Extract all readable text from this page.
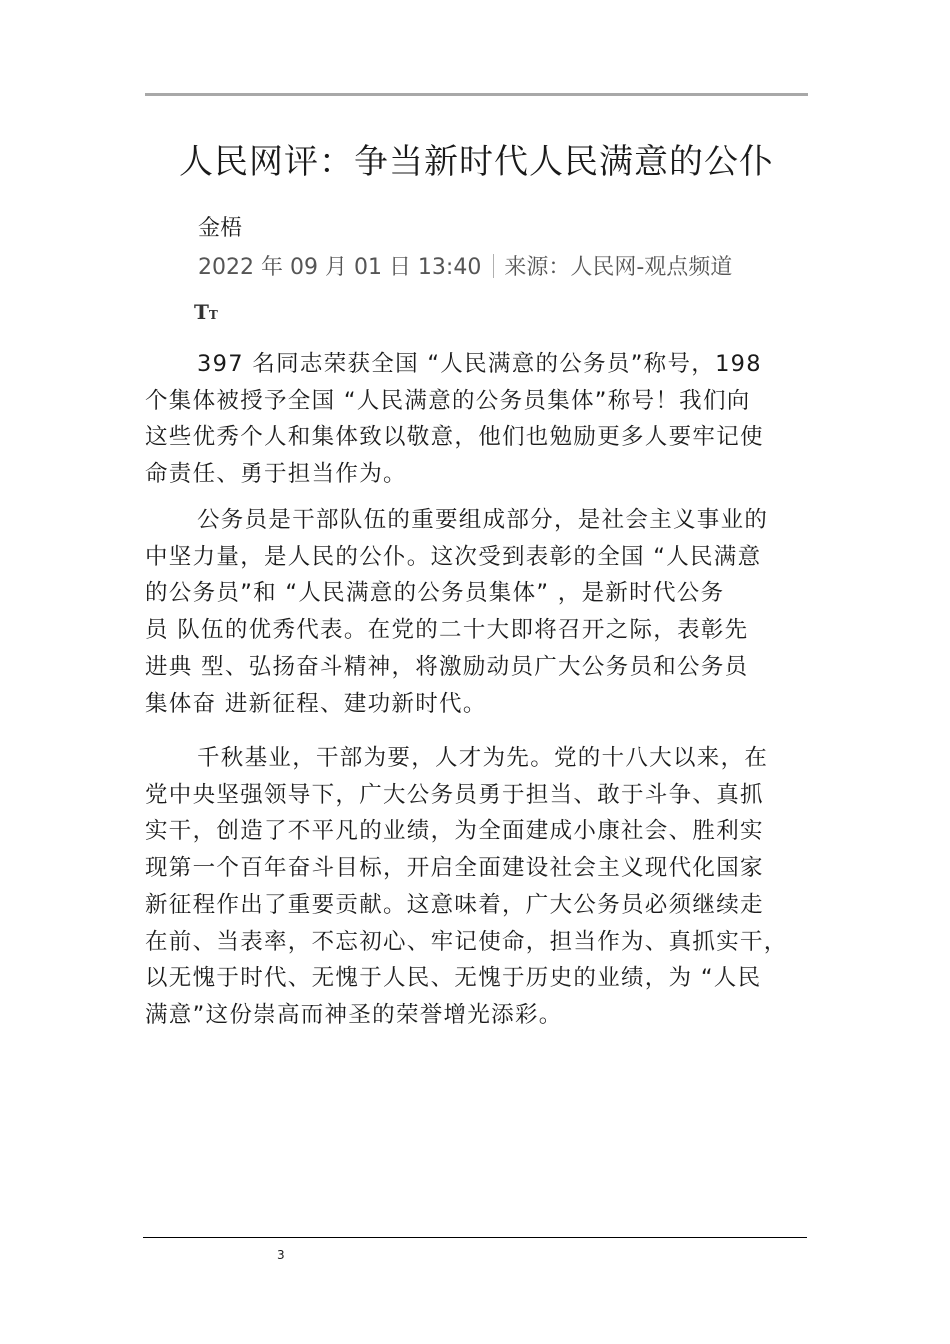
人民网评：争当新时代人民满意的公仆
金梧
2022 年 09 月 01 日 13:40 来源：人民网-观点频道
TT
397 名同志荣获全国 “人民满意的公务员”称号，198
个集体被授予全国 “人民满意的公务员集体”称号！我们向
这些优秀个人和集体致以敬意，他们也勉励更多人要牢记使
命责任、勇于担当作为。
公务员是干部队伍的重要组成部分，是社会主义事业的
中坚力量，是人民的公仆。这次受到表彰的全国 “人民满意
的公务员”和 “人民满意的公务员集体” ，是新时代公务
员 队伍的优秀代表。在党的二十大即将召开之际，表彰先
进典 型、弘扬奋斗精神，将激励动员广大公务员和公务员
集体奋 进新征程、建功新时代。
千秋基业，干部为要，人才为先。党的十八大以来，在
党中央坚强领导下，广大公务员勇于担当、敢于斗争、真抓
实干，创造了不平凡的业绩，为全面建成小康社会、胜利实
现第一个百年奋斗目标，开启全面建设社会主义现代化国家
新征程作出了重要贡献。这意味着，广大公务员必须继续走
在前、当表率，不忘初心、牢记使命，担当作为、真抓实干，
以无愧于时代、无愧于人民、无愧于历史的业绩，为 “人民
满意”这份崇高而神圣的荣誉增光添彩。
3
